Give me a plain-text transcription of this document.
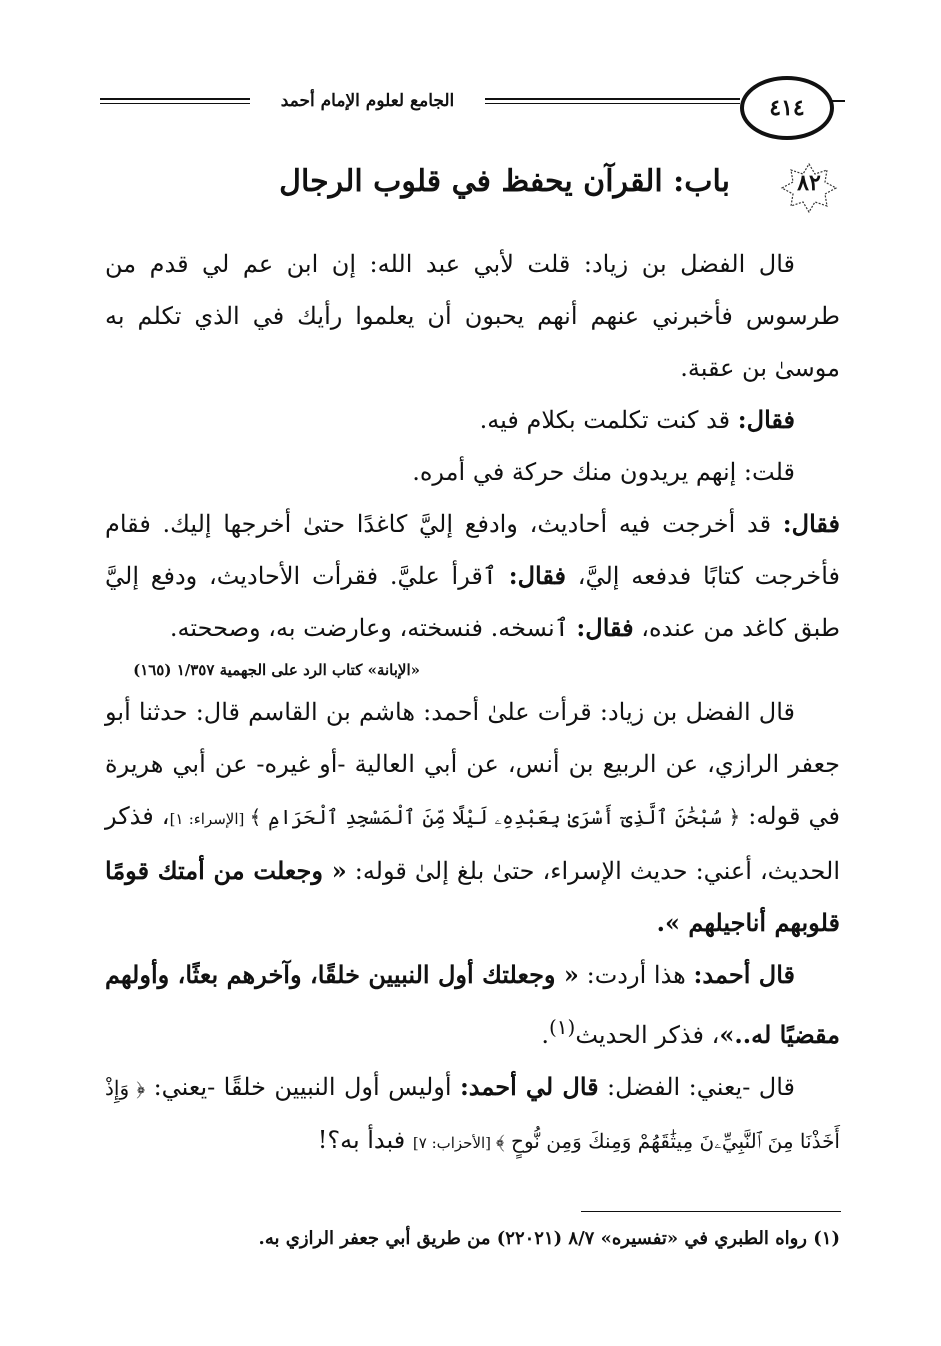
الجامع لعلوم الإمام أحمد	٤١٤
٨٢
باب: القرآن يحفظ في قلوب الرجال

قال الفضل بن زياد: قلت لأبي عبد الله: إن ابن عم لي قدم من طرسوس فأخبرني عنهم أنهم يحبون أن يعلموا رأيك في الذي تكلم به موسىٰ بن عقبة.

فقال: قد كنت تكلمت بكلام فيه.

قلت: إنهم يريدون منك حركة في أمره.

فقال: قد أخرجت فيه أحاديث، وادفع إليَّ كاغدًا حتىٰ أخرجها إليك. فقام فأخرجت كتابًا فدفعه إليَّ، فقال: ٱقرأ عليَّ. فقرأت الأحاديث، ودفع إليَّ طبق كاغد من عنده، فقال: ٱنسخه. فنسخته، وعارضت به، وصححته.

«الإبانة» كتاب الرد على الجهمية ١/٣٥٧ (١٦٥)

قال الفضل بن زياد: قرأت علىٰ أحمد: هاشم بن القاسم قال: حدثنا أبو جعفر الرازي، عن الربيع بن أنس، عن أبي العالية -أو غيره- عن أبي هريرة في قوله: ﴿ سُبْحَٰنَ ٱلَّذِىٓ أَسْرَىٰ بِعَبْدِهِۦ لَيْلًا مِّنَ ٱلْمَسْجِدِ ٱلْحَرَامِ ﴾ [الإسراء: ١]، فذكر الحديث، أعني: حديث الإسراء، حتىٰ بلغ إلىٰ قوله: « وجعلت من أمتك قومًا قلوبهم أناجيلهم ».

قال أحمد: هذا أردت: « وجعلتك أول النبيين خلقًا، وآخرهم بعثًا، وأولهم مقضيًا له..»، فذكر الحديث$^{(١)}$.

قال -يعني: الفضل: قال لي أحمد: أوليس أول النبيين خلقًا -يعني: ﴿ وَإِذْ أَخَذْنَا مِنَ ٱلنَّبِيِّۦنَ مِيثَٰقَهُمْ وَمِنكَ وَمِن نُّوحٍ ﴾ [الأحزاب: ٧] فبدأ به؟!

(١) رواه الطبري في «تفسيره» ٨/٧ (٢٢٠٢١) من طريق أبي جعفر الرازي به.
